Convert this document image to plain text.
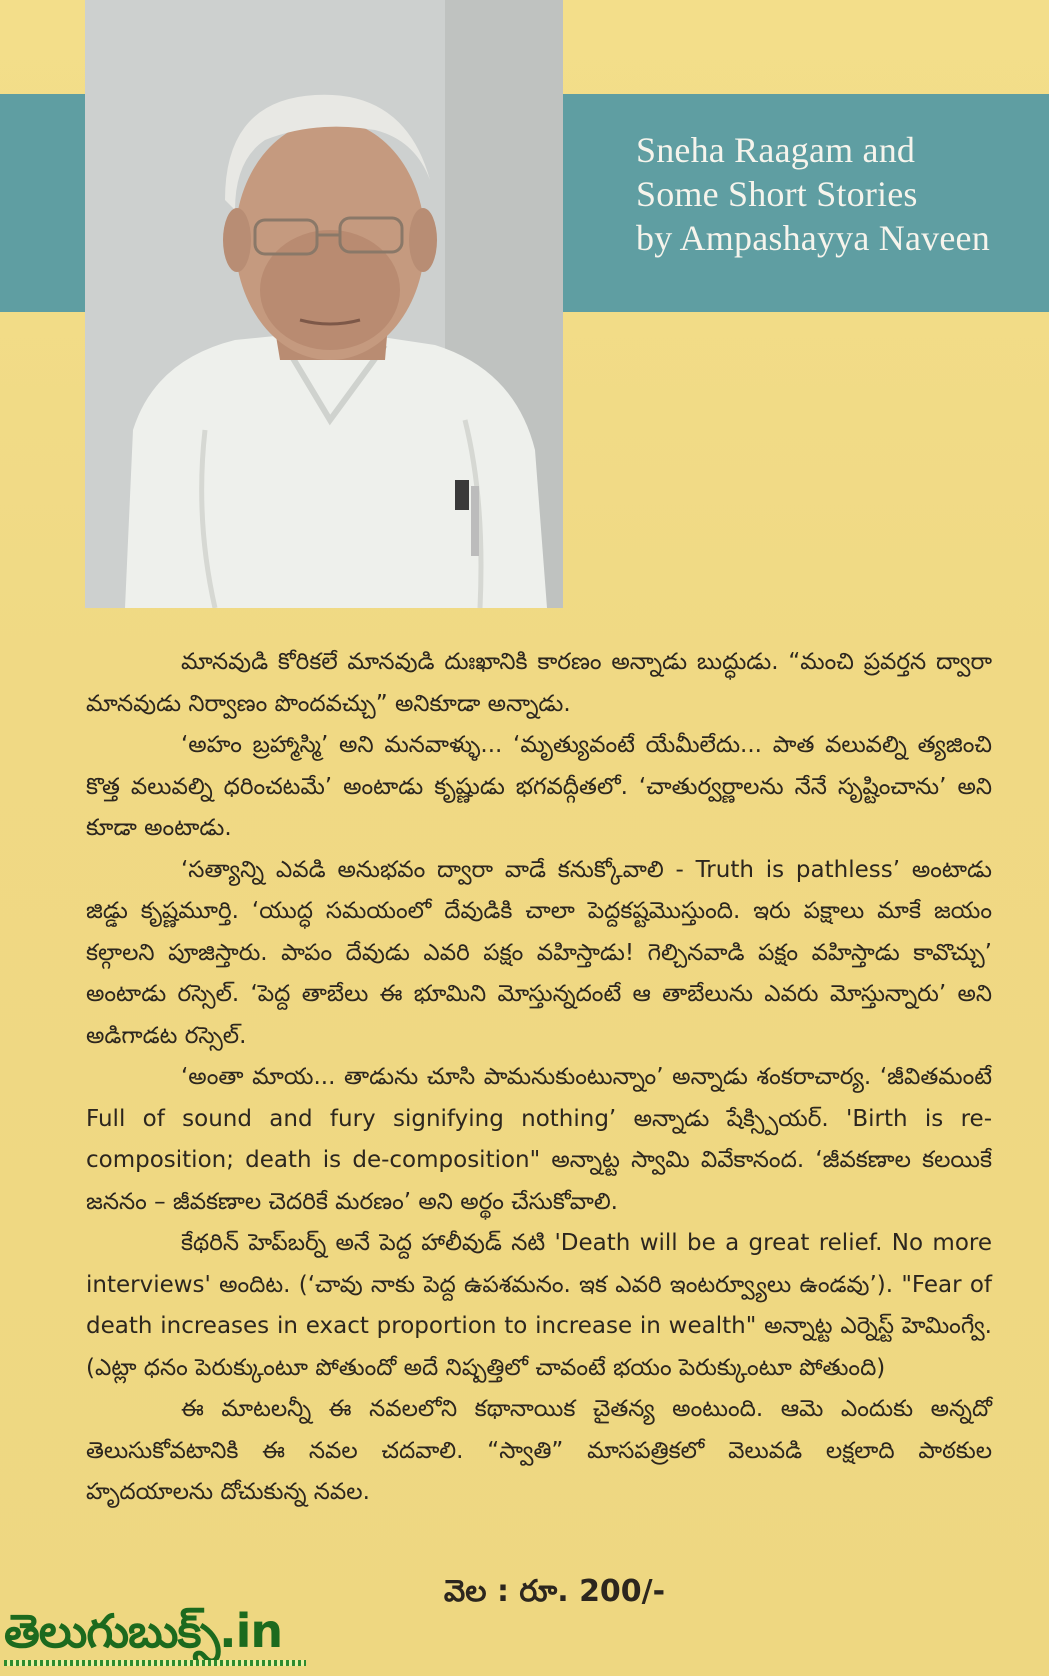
Sneha Raagam and
Some Short Stories
by Ampashayya Naveen

మానవుడి కోరికలే మానవుడి దుఃఖానికి కారణం అన్నాడు బుద్ధుడు. “మంచి ప్రవర్తన ద్వారా మానవుడు నిర్వాణం పొందవచ్చు” అనికూడా అన్నాడు.

‘అహం బ్రహ్మాస్మి’ అని మనవాళ్ళు... ‘మృత్యువంటే యేమీలేదు... పాత వలువల్ని త్యజించి కొత్త వలువల్ని ధరించటమే’ అంటాడు కృష్ణుడు భగవద్గీతలో. ‘చాతుర్వర్ణాలను నేనే సృష్టించాను’ అని కూడా అంటాడు.

‘సత్యాన్ని ఎవడి అనుభవం ద్వారా వాడే కనుక్కోవాలి - Truth is pathless’ అంటాడు జిడ్డు కృష్ణమూర్తి. ‘యుద్ధ సమయంలో దేవుడికి చాలా పెద్దకష్టమొస్తుంది. ఇరు పక్షాలు మాకే జయం కల్గాలని పూజిస్తారు. పాపం దేవుడు ఎవరి పక్షం వహిస్తాడు! గెల్చినవాడి పక్షం వహిస్తాడు కావొచ్చు’ అంటాడు రస్సెల్. ‘పెద్ద తాబేలు ఈ భూమిని మోస్తున్నదంటే ఆ తాబేలును ఎవరు మోస్తున్నారు’ అని అడిగాడట రస్సెల్.

‘అంతా మాయ... తాడును చూసి పామనుకుంటున్నాం’ అన్నాడు శంకరాచార్య. ‘జీవితమంటే Full of sound and fury signifying nothing’ అన్నాడు షేక్స్పియర్. 'Birth is re-composition; death is de-composition" అన్నాట్ట స్వామి వివేకానంద. ‘జీవకణాల కలయికే జననం – జీవకణాల చెదరికే మరణం’ అని అర్థం చేసుకోవాలి.

కేథరిన్ హెప్‌బర్న్ అనే పెద్ద హాలీవుడ్ నటి 'Death will be a great relief. No more interviews' అందిట. (‘చావు నాకు పెద్ద ఉపశమనం. ఇక ఎవరి ఇంటర్వ్యూలు ఉండవు’). "Fear of death increases in exact proportion to increase in wealth" అన్నాట్ట ఎర్నెస్ట్ హెమింగ్వే. (ఎట్లా ధనం పెరుక్కుంటూ పోతుందో అదే నిష్పత్తిలో చావంటే భయం పెరుక్కుంటూ పోతుంది)

ఈ మాటలన్నీ ఈ నవలలోని కథానాయిక చైతన్య అంటుంది. ఆమె ఎందుకు అన్నదో తెలుసుకోవటానికి ఈ నవల చదవాలి. “స్వాతి” మాసపత్రికలో వెలువడి లక్షలాది పాఠకుల హృదయాలను దోచుకున్న నవల.

వెల : రూ. 200/-
తెలుగుబుక్స్.in
